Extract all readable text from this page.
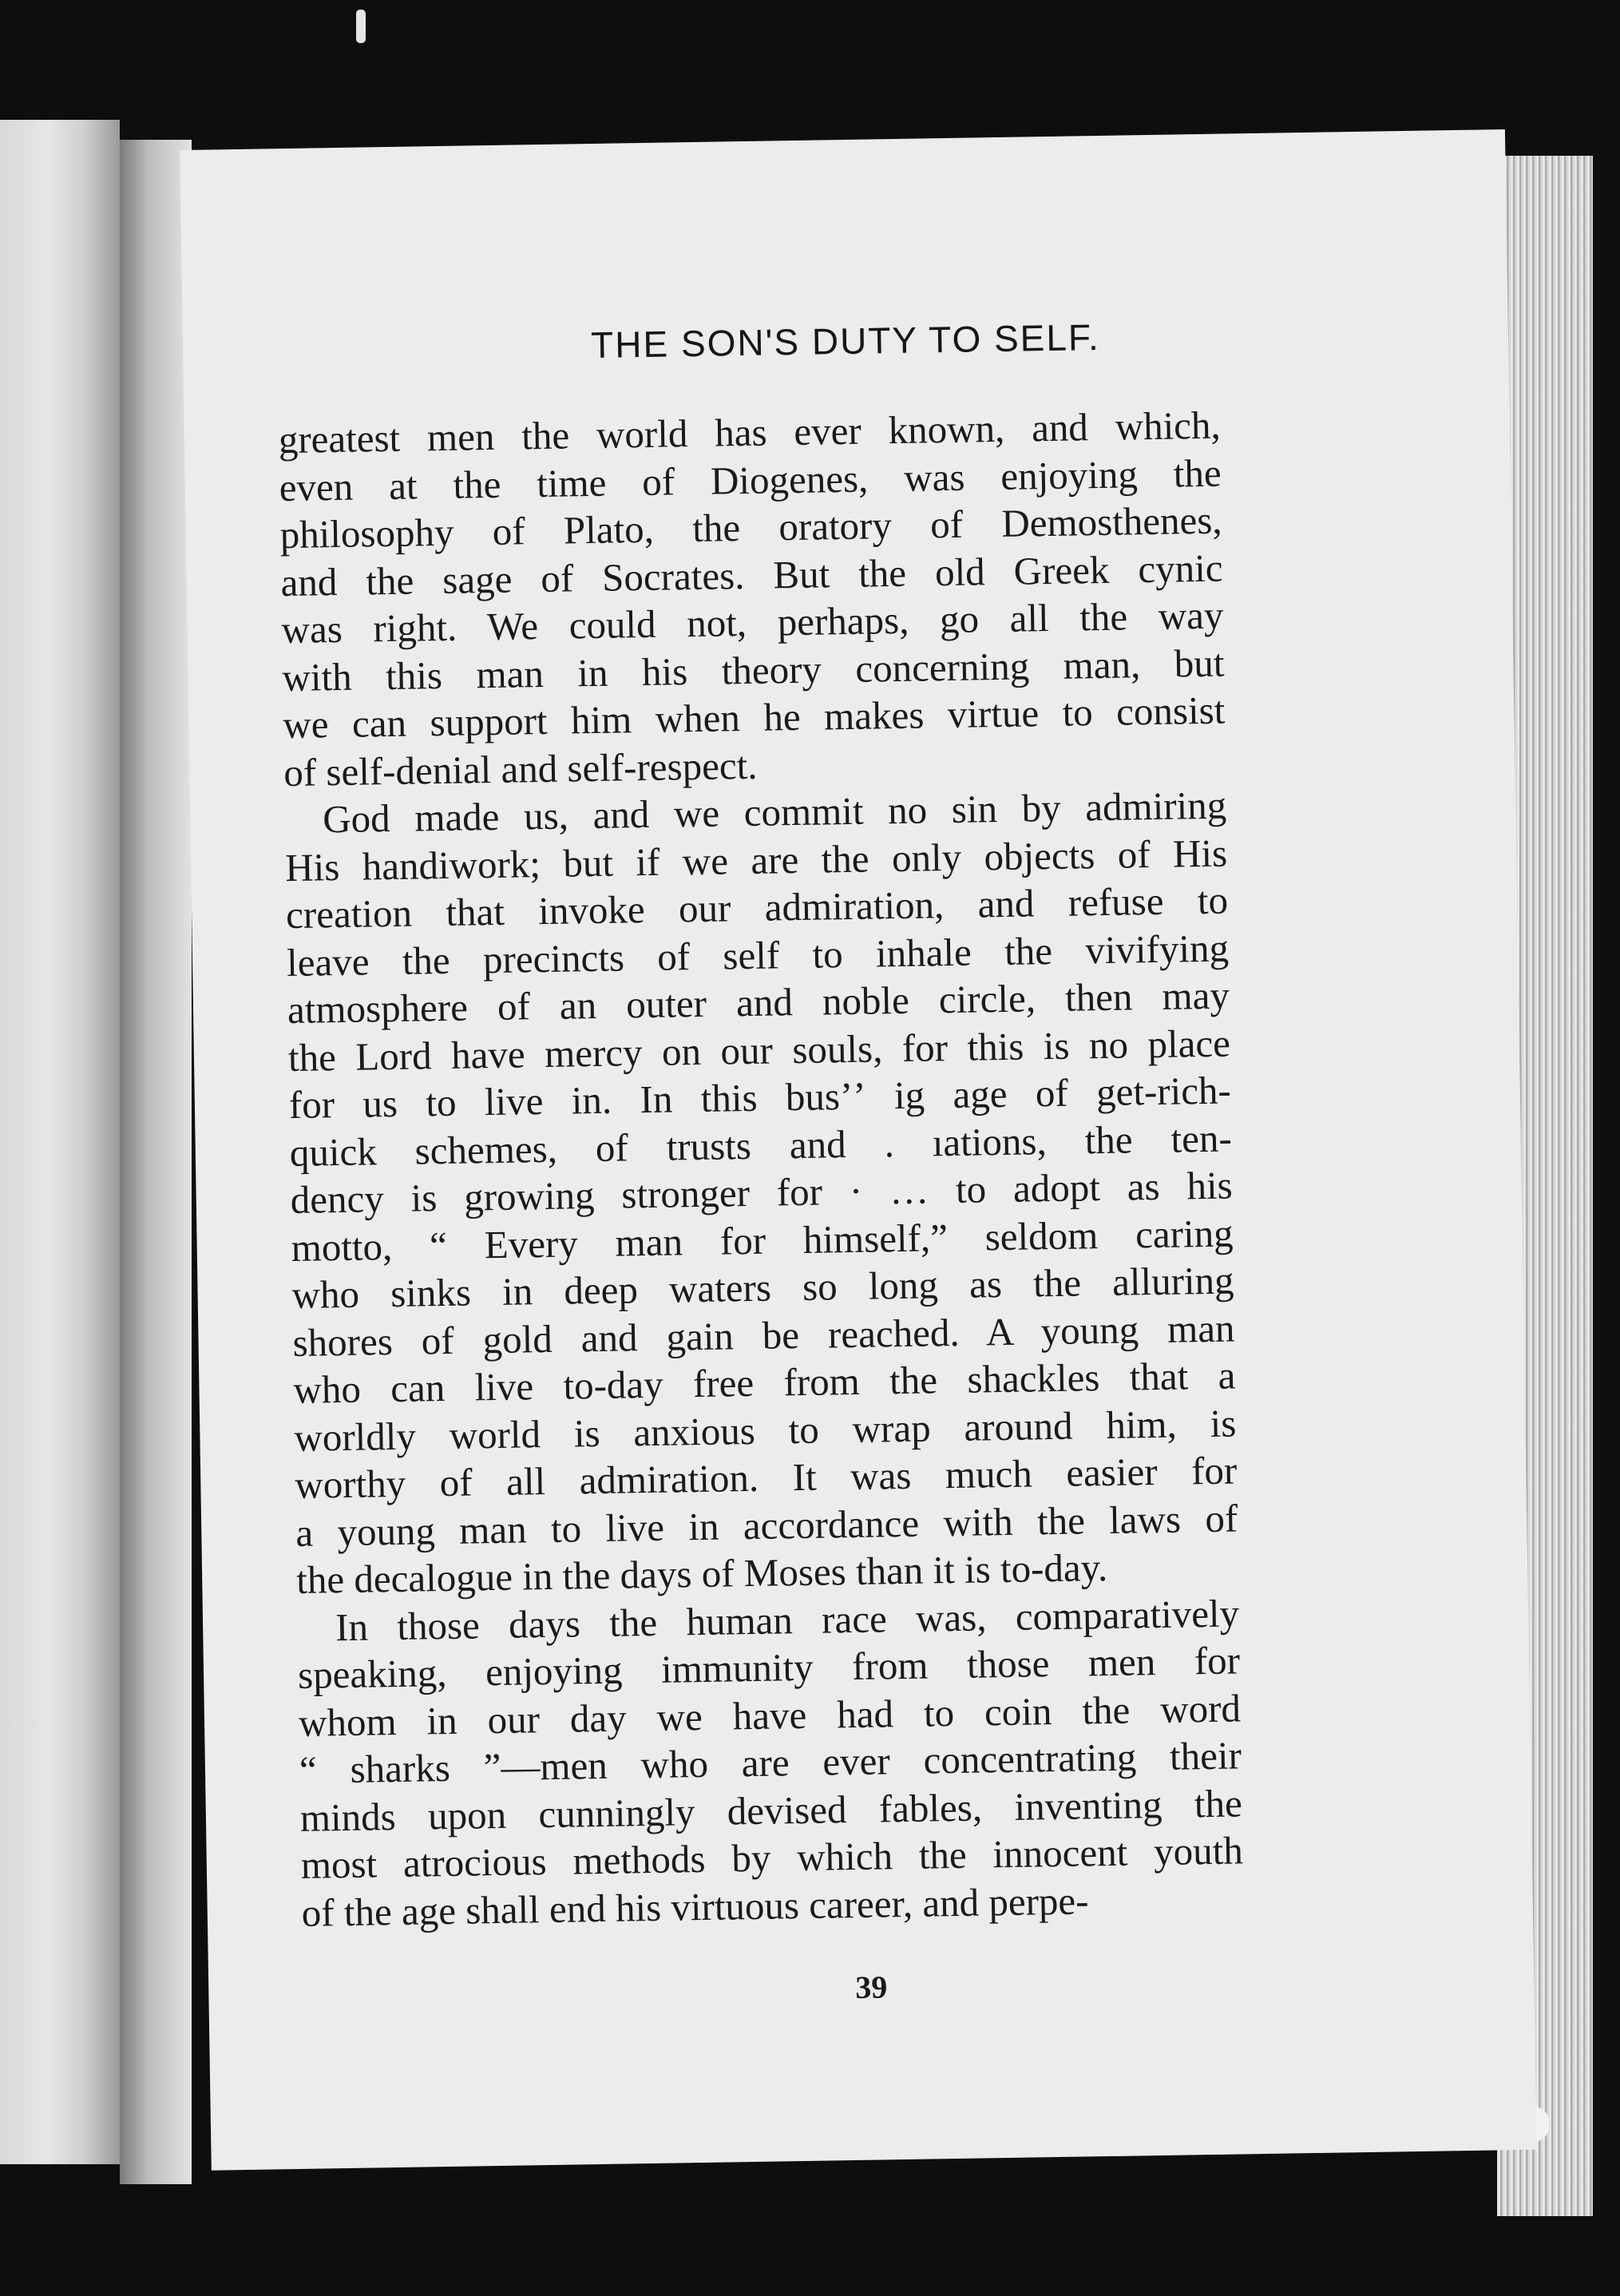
THE SON'S DUTY TO SELF.
greatest men the world has ever known, and which,
even at the time of Diogenes, was enjoying the
philosophy of Plato, the oratory of Demosthenes,
and the sage of Socrates. But the old Greek cynic
was right. We could not, perhaps, go all the way
with this man in his theory concerning man, but
we can support him when he makes virtue to consist
of self-denial and self-respect.
God made us, and we commit no sin by admiring
His handiwork; but if we are the only objects of His
creation that invoke our admiration, and refuse to
leave the precincts of self to inhale the vivifying
atmosphere of an outer and noble circle, then may
the Lord have mercy on our souls, for this is no place
for us to live in. In this busʼʼ ig age of get-rich-
quick schemes, of trusts and . ıations, the ten-
dency is growing stronger for · … to adopt as his
motto, “ Every man for himself,” seldom caring
who sinks in deep waters so long as the alluring
shores of gold and gain be reached. A young man
who can live to-day free from the shackles that a
worldly world is anxious to wrap around him, is
worthy of all admiration. It was much easier for
a young man to live in accordance with the laws of
the decalogue in the days of Moses than it is to-day.
In those days the human race was, comparatively
speaking, enjoying immunity from those men for
whom in our day we have had to coin the word
“ sharks ”—men who are ever concentrating their
minds upon cunningly devised fables, inventing the
most atrocious methods by which the innocent youth
of the age shall end his virtuous career, and perpe-
39
